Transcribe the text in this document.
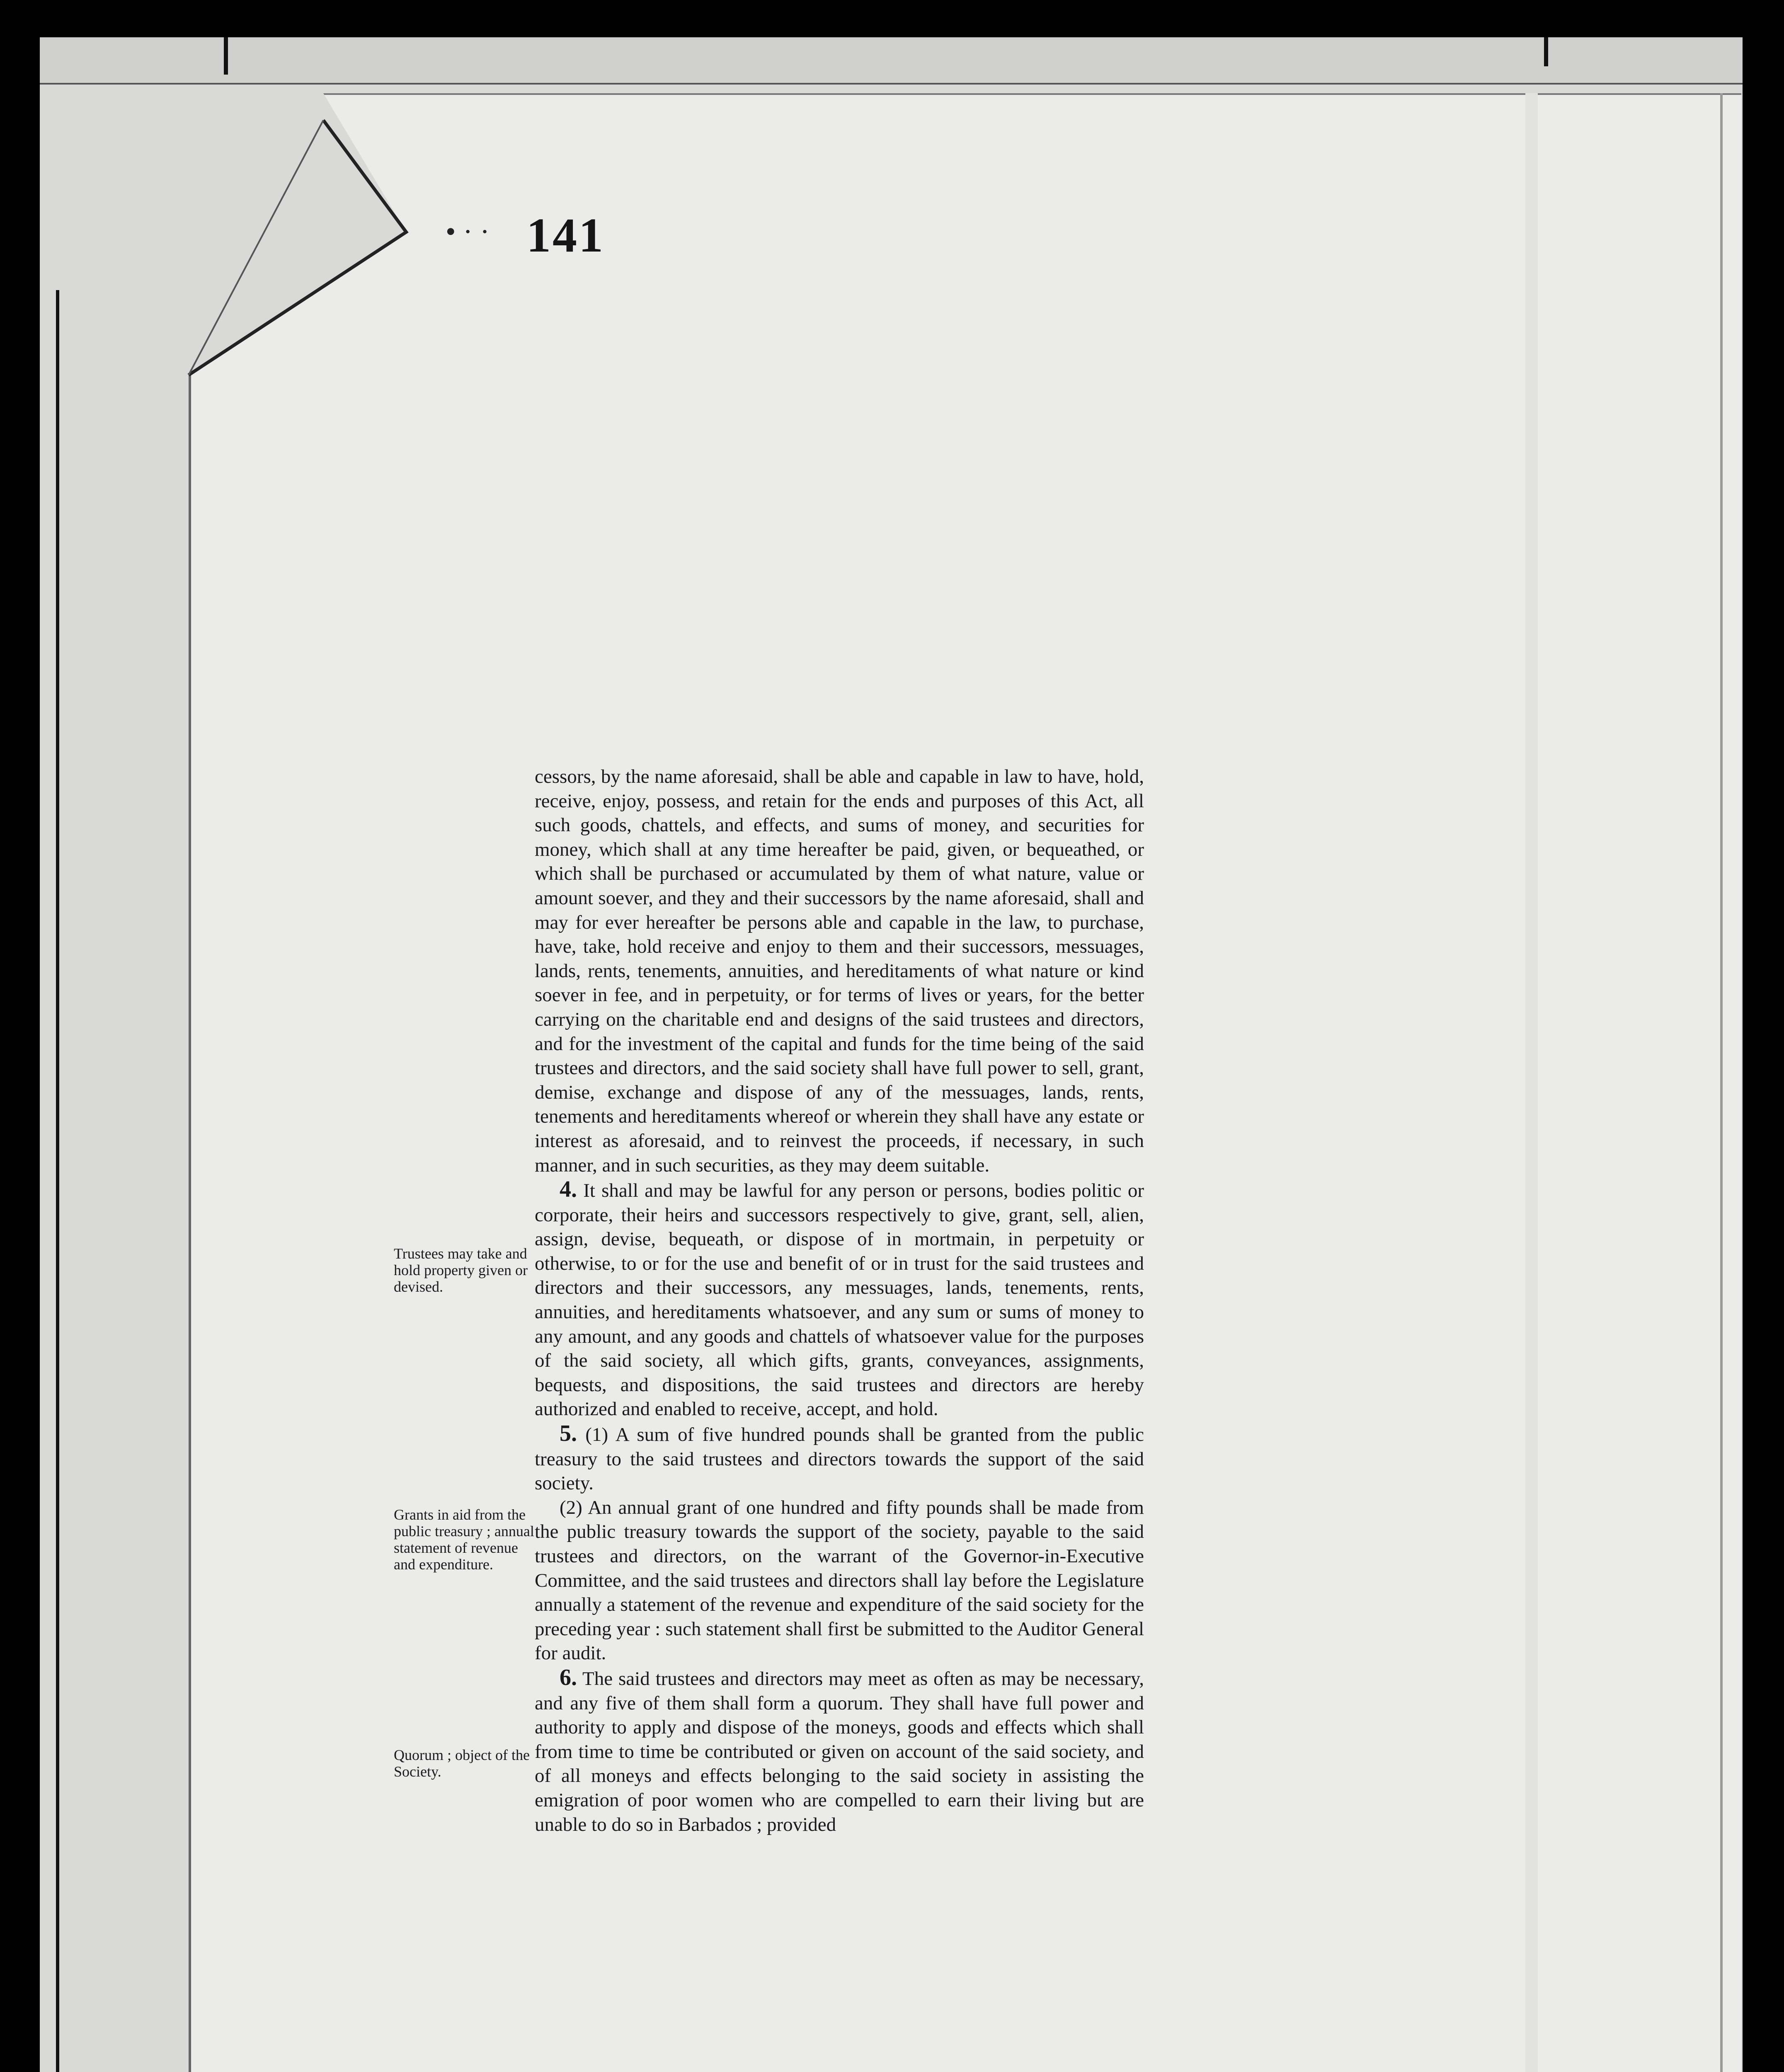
• · · 141

Trustees may take and hold property given or devised.

Grants in aid from the public treasury ; annual statement of revenue and expenditure.

Quorum ; object of the Society.

cessors, by the name aforesaid, shall be able and capable in law to have, hold, receive, enjoy, possess, and retain for the ends and purposes of this Act, all such goods, chattels, and effects, and sums of money, and securities for money, which shall at any time hereafter be paid, given, or bequeathed, or which shall be purchased or accumulated by them of what nature, value or amount soever, and they and their successors by the name aforesaid, shall and may for ever hereafter be persons able and capable in the law, to purchase, have, take, hold receive and enjoy to them and their successors, messuages, lands, rents, tenements, annuities, and hereditaments of what nature or kind soever in fee, and in perpetuity, or for terms of lives or years, for the better carrying on the charitable end and designs of the said trustees and directors, and for the investment of the capital and funds for the time being of the said trustees and directors, and the said society shall have full power to sell, grant, demise, exchange and dispose of any of the messuages, lands, rents, tenements and hereditaments whereof or wherein they shall have any estate or interest as aforesaid, and to reinvest the proceeds, if necessary, in such manner, and in such securities, as they may deem suitable.

4. It shall and may be lawful for any person or persons, bodies politic or corporate, their heirs and successors respectively to give, grant, sell, alien, assign, devise, bequeath, or dispose of in mortmain, in perpetuity or otherwise, to or for the use and benefit of or in trust for the said trustees and directors and their successors, any messuages, lands, tenements, rents, annuities, and hereditaments whatsoever, and any sum or sums of money to any amount, and any goods and chattels of whatsoever value for the purposes of the said society, all which gifts, grants, conveyances, assignments, bequests, and dispositions, the said trustees and directors are hereby authorized and enabled to receive, accept, and hold.

5. (1) A sum of five hundred pounds shall be granted from the public treasury to the said trustees and directors towards the support of the said society.

(2) An annual grant of one hundred and fifty pounds shall be made from the public treasury towards the support of the society, payable to the said trustees and directors, on the warrant of the Governor-in-Executive Committee, and the said trustees and directors shall lay before the Legislature annually a statement of the revenue and expenditure of the said society for the preceding year : such statement shall first be submitted to the Auditor General for audit.

6. The said trustees and directors may meet as often as may be necessary, and any five of them shall form a quorum. They shall have full power and authority to apply and dispose of the moneys, goods and effects which shall from time to time be contributed or given on account of the said society, and of all moneys and effects belonging to the said society in assisting the emigration of poor women who are compelled to earn their living but are unable to do so in Barbados ; provided
